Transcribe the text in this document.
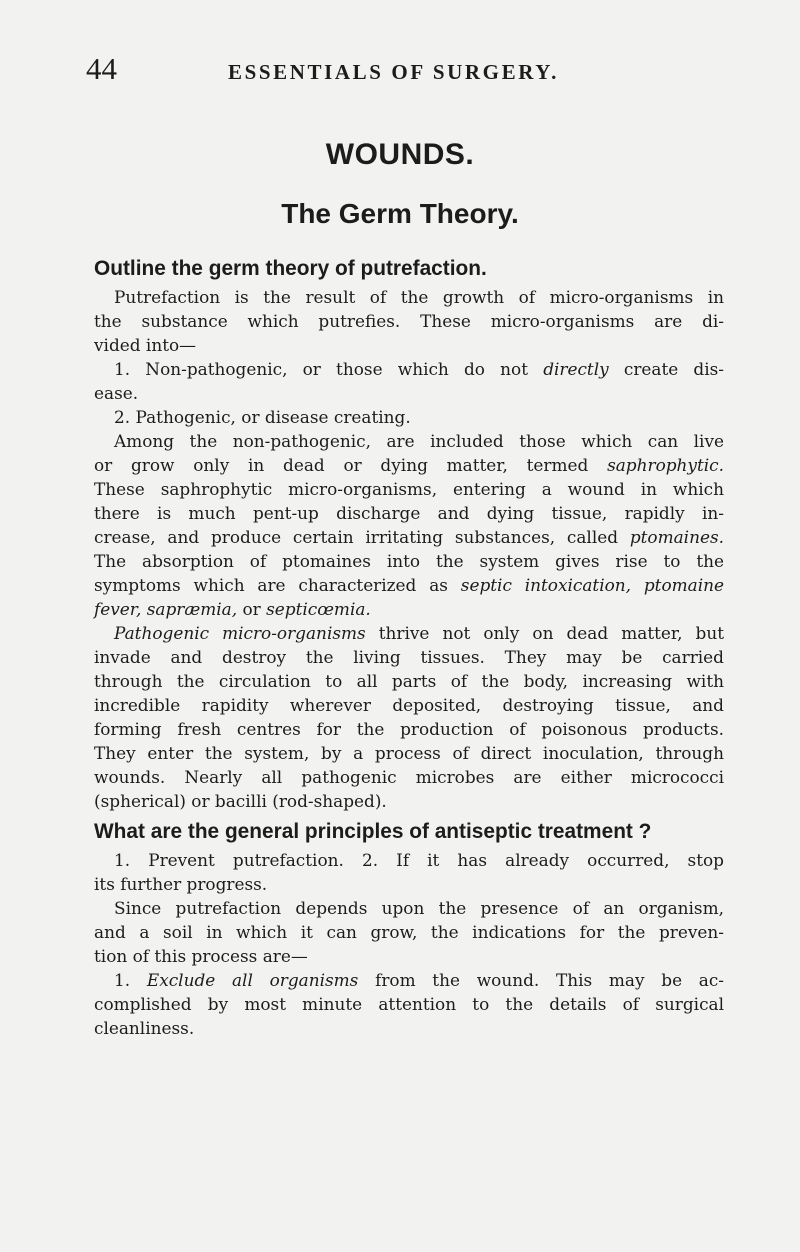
44	ESSENTIALS OF SURGERY.
WOUNDS.
The Germ Theory.
Outline the germ theory of putrefaction.
Putrefaction is the result of the growth of micro-organisms in
the substance which putrefies. These micro-organisms are di-
vided into—
1. Non-pathogenic, or those which do not directly create dis-
ease.
2. Pathogenic, or disease creating.
Among the non-pathogenic, are included those which can live
or grow only in dead or dying matter, termed saphrophytic.
These saphrophytic micro-organisms, entering a wound in which
there is much pent-up discharge and dying tissue, rapidly in-
crease, and produce certain irritating substances, called ptomaines.
The absorption of ptomaines into the system gives rise to the
symptoms which are characterized as septic intoxication, ptomaine
fever, sapræmia, or septicœmia.
Pathogenic micro-organisms thrive not only on dead matter, but
invade and destroy the living tissues. They may be carried
through the circulation to all parts of the body, increasing with
incredible rapidity wherever deposited, destroying tissue, and
forming fresh centres for the production of poisonous products.
They enter the system, by a process of direct inoculation, through
wounds. Nearly all pathogenic microbes are either micrococci
(spherical) or bacilli (rod-shaped).
What are the general principles of antiseptic treatment ?
1. Prevent putrefaction. 2. If it has already occurred, stop
its further progress.
Since putrefaction depends upon the presence of an organism,
and a soil in which it can grow, the indications for the preven-
tion of this process are—
1. Exclude all organisms from the wound. This may be ac-
complished by most minute attention to the details of surgical
cleanliness.
